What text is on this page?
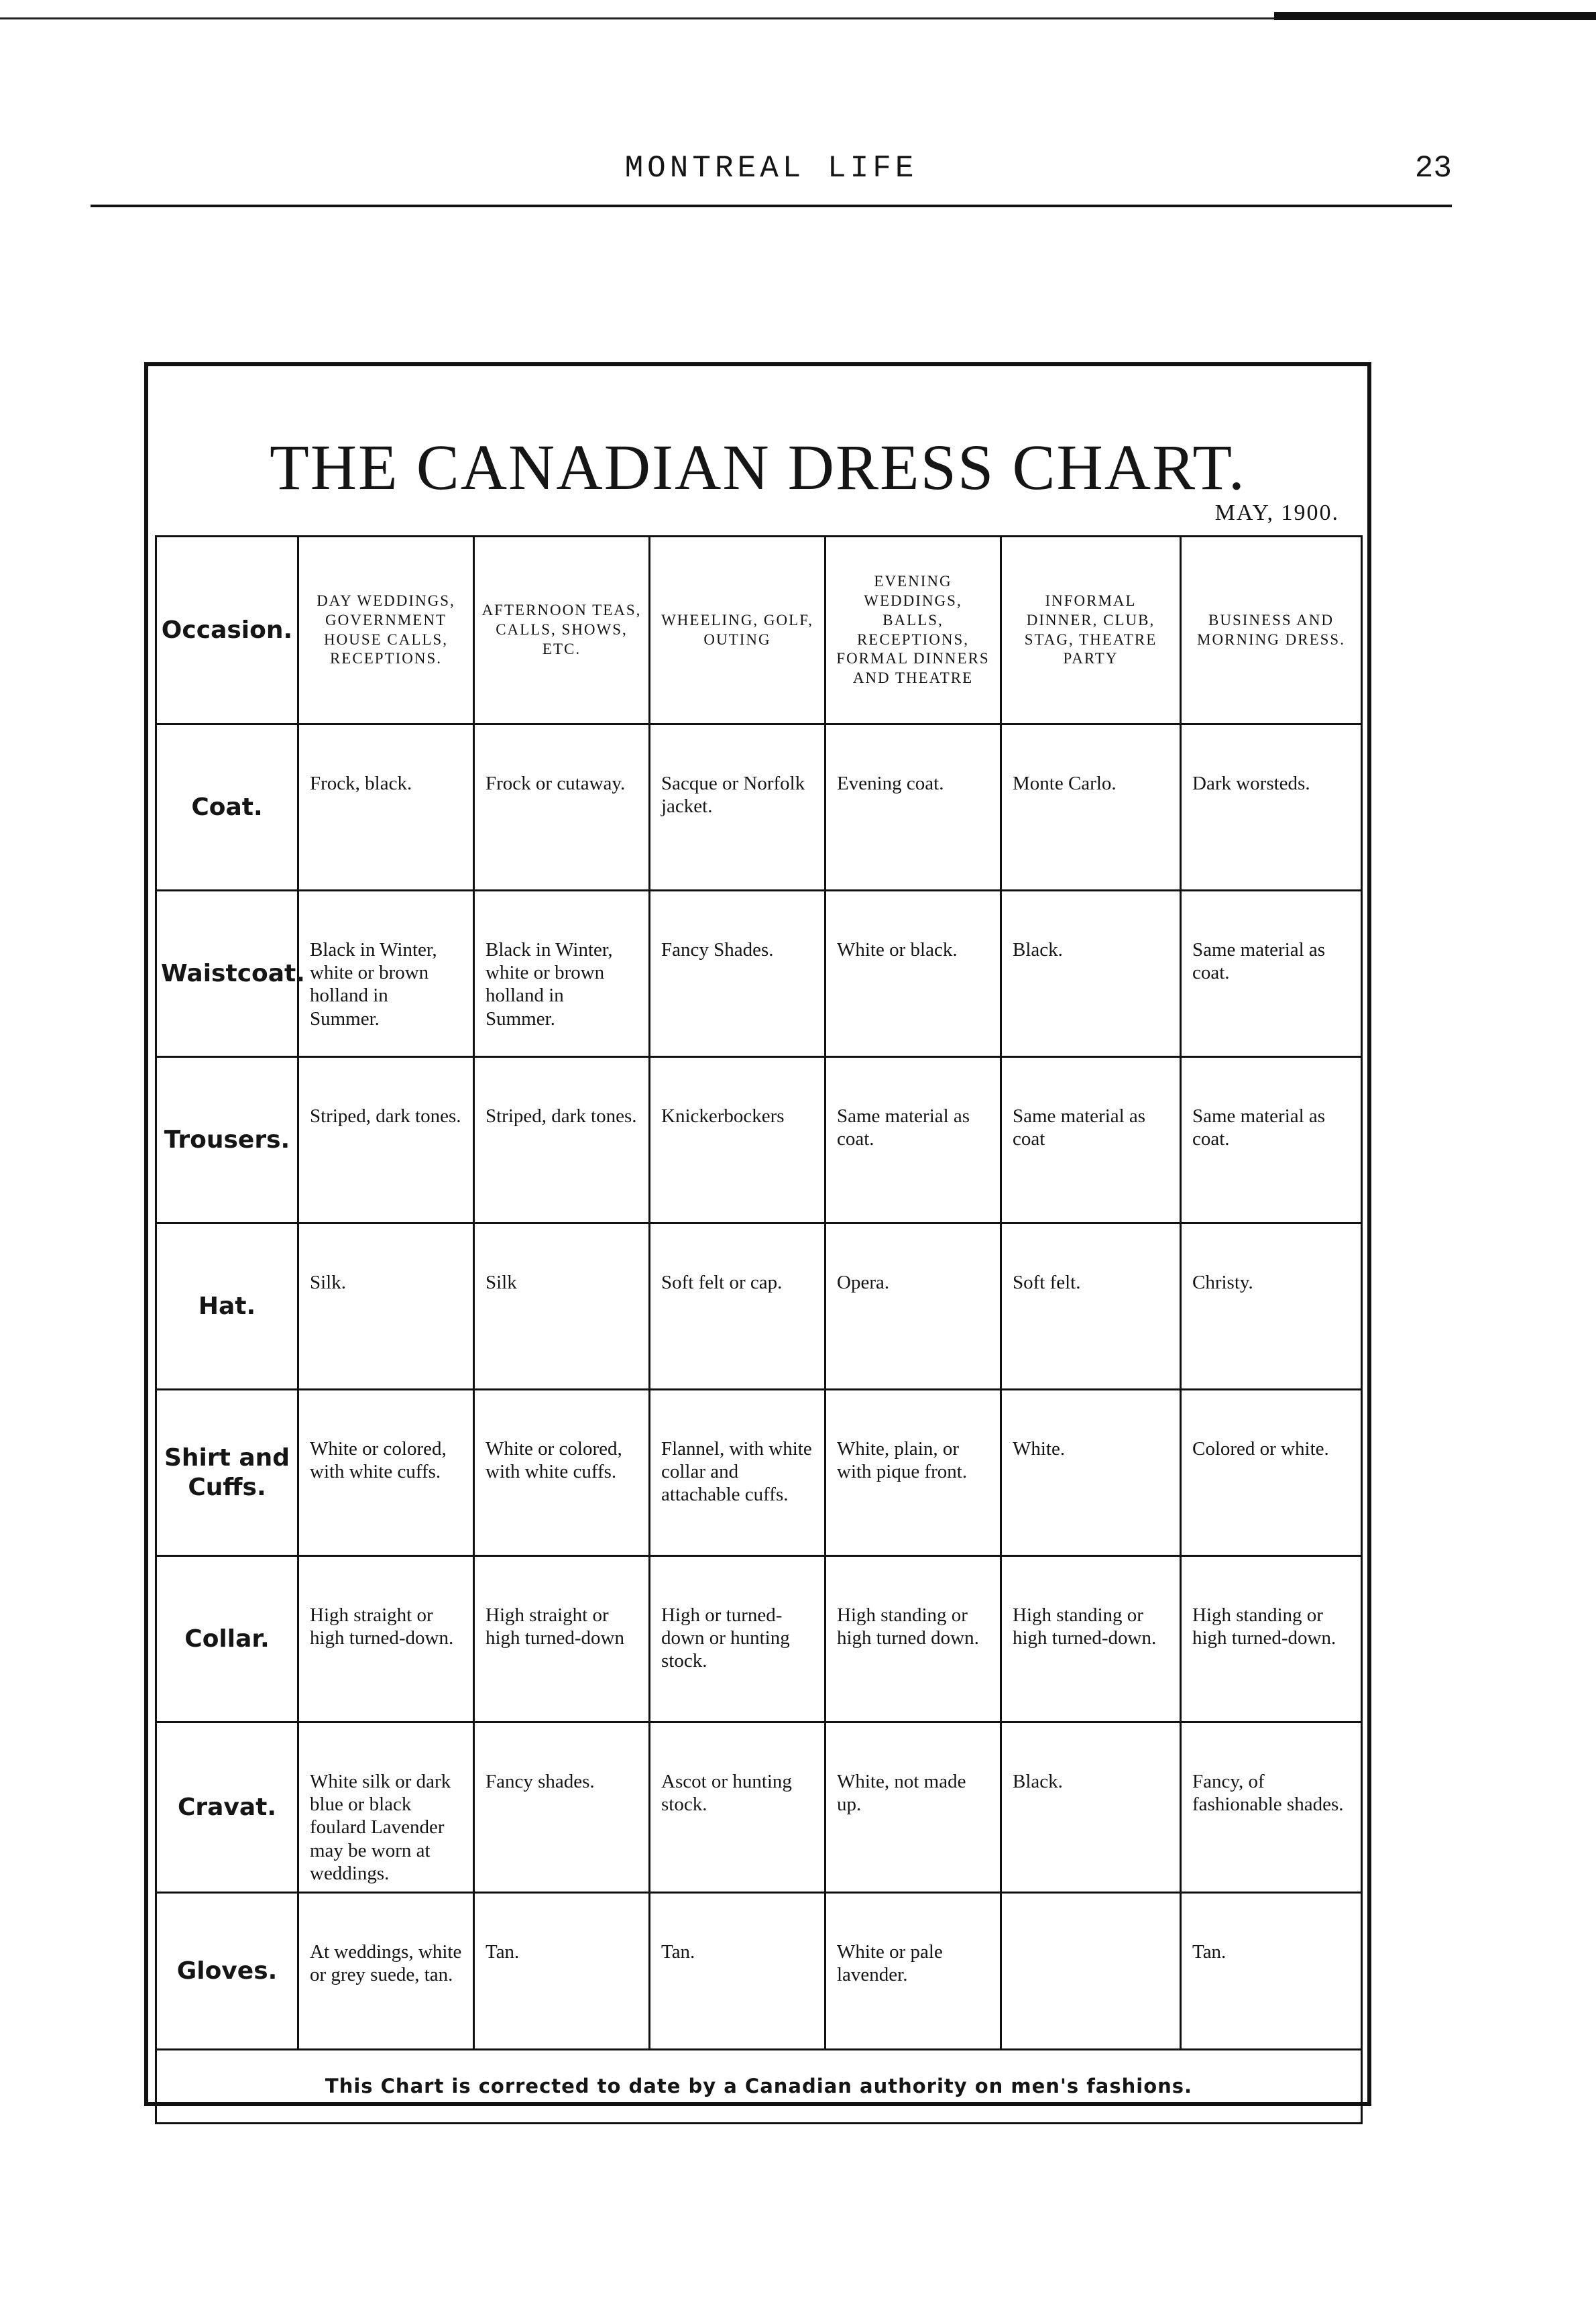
MONTREAL LIFE	23
THE CANADIAN DRESS CHART.
MAY, 1900.
Occasion.	DAY WEDDINGS, GOVERNMENT HOUSE CALLS, RECEPTIONS.	AFTERNOON TEAS, CALLS, SHOWS, ETC.	WHEELING, GOLF, OUTING	EVENING WEDDINGS, BALLS, RECEPTIONS, FORMAL DINNERS AND THEATRE	INFORMAL DINNER, CLUB, STAG, THEATRE PARTY	BUSINESS AND MORNING DRESS.
Coat.	Frock, black.	Frock or cutaway.	Sacque or Norfolk jacket.	Evening coat.	Monte Carlo.	Dark worsteds.
Waistcoat.	Black in Winter, white or brown holland in Summer.	Black in Winter, white or brown holland in Summer.	Fancy Shades.	White or black.	Black.	Same material as coat.
Trousers.	Striped, dark tones.	Striped, dark tones.	Knickerbockers	Same material as coat.	Same material as coat	Same material as coat.
Hat.	Silk.	Silk	Soft felt or cap.	Opera.	Soft felt.	Christy.
Shirt and Cuffs.	White or colored, with white cuffs.	White or colored, with white cuffs.	Flannel, with white collar and attachable cuffs.	White, plain, or with pique front.	White.	Colored or white.
Collar.	High straight or high turned-down.	High straight or high turned-down	High or turned-down or hunting stock.	High standing or high turned down.	High standing or high turned-down.	High standing or high turned-down.
Cravat.	White silk or dark blue or black foulard Lavender may be worn at weddings.	Fancy shades.	Ascot or hunting stock.	White, not made up.	Black.	Fancy, of fashionable shades.
Gloves.	At weddings, white or grey suede, tan.	Tan.	Tan.	White or pale lavender.		Tan.
This Chart is corrected to date by a Canadian authority on men's fashions.						
